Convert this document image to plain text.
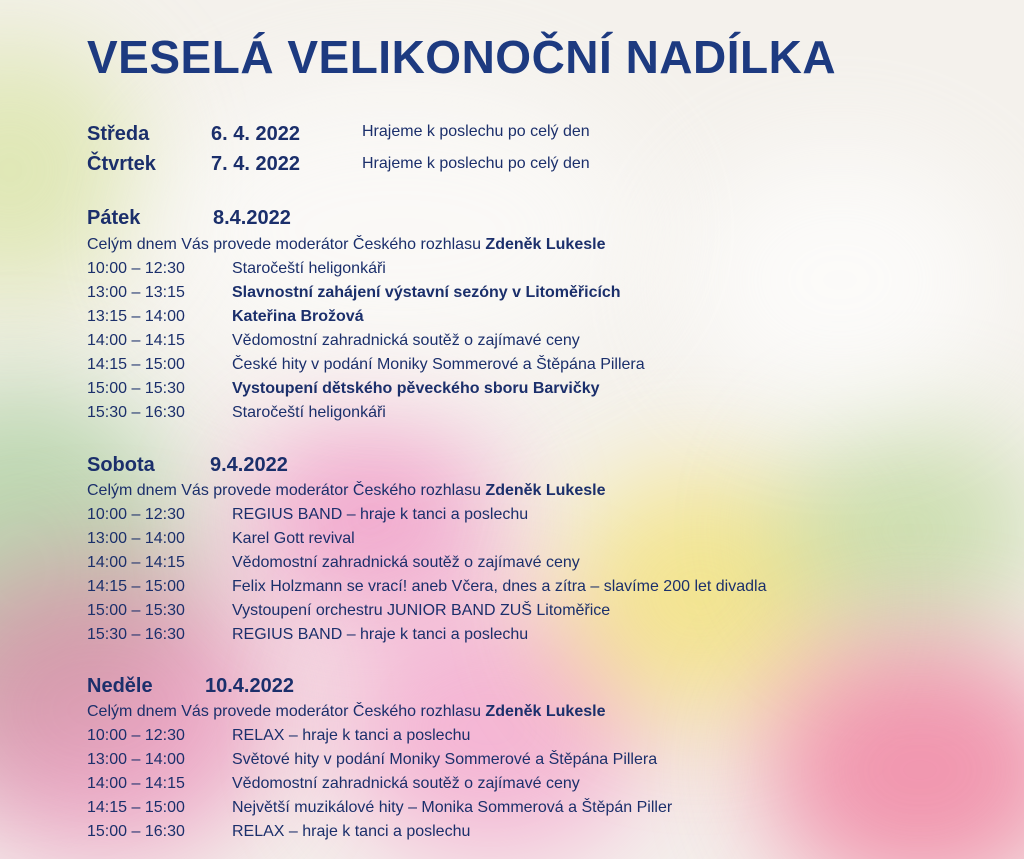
VESELÁ VELIKONOČNÍ NADÍLKA
Středa	6. 4. 2022	Hrajeme k poslechu po celý den
Čtvrtek	7. 4. 2022	Hrajeme k poslechu po celý den
Pátek	8.4.2022
Celým dnem Vás provede moderátor Českého rozhlasu Zdeněk Lukesle
10:00 – 12:30	Staročeští heligonkáři
13:00 – 13:15	Slavnostní zahájení výstavní sezóny v Litoměřicích
13:15 – 14:00	Kateřina Brožová
14:00 – 14:15	Vědomostní zahradnická soutěž o zajímavé ceny
14:15 – 15:00	České hity v podání Moniky Sommerové a Štěpána Pillera
15:00 – 15:30	Vystoupení dětského pěveckého sboru Barvičky
15:30 – 16:30	Staročeští heligonkáři
Sobota	9.4.2022
Celým dnem Vás provede moderátor Českého rozhlasu Zdeněk Lukesle
10:00 – 12:30	REGIUS BAND – hraje k tanci a poslechu
13:00 – 14:00	Karel Gott revival
14:00 – 14:15	Vědomostní zahradnická soutěž o zajímavé ceny
14:15 – 15:00	Felix Holzmann se vrací! aneb Včera, dnes a zítra – slavíme 200 let divadla
15:00 – 15:30	Vystoupení orchestru JUNIOR BAND ZUŠ Litoměřice
15:30 – 16:30	REGIUS BAND – hraje k tanci a poslechu
Neděle	10.4.2022
Celým dnem Vás provede moderátor Českého rozhlasu Zdeněk Lukesle
10:00 – 12:30	RELAX – hraje k tanci a poslechu
13:00 – 14:00	Světové hity v podání Moniky Sommerové a Štěpána Pillera
14:00 – 14:15	Vědomostní zahradnická soutěž o zajímavé ceny
14:15 – 15:00	Největší muzikálové hity – Monika Sommerová a Štěpán Piller
15:00 – 16:30	RELAX – hraje k tanci a poslechu
